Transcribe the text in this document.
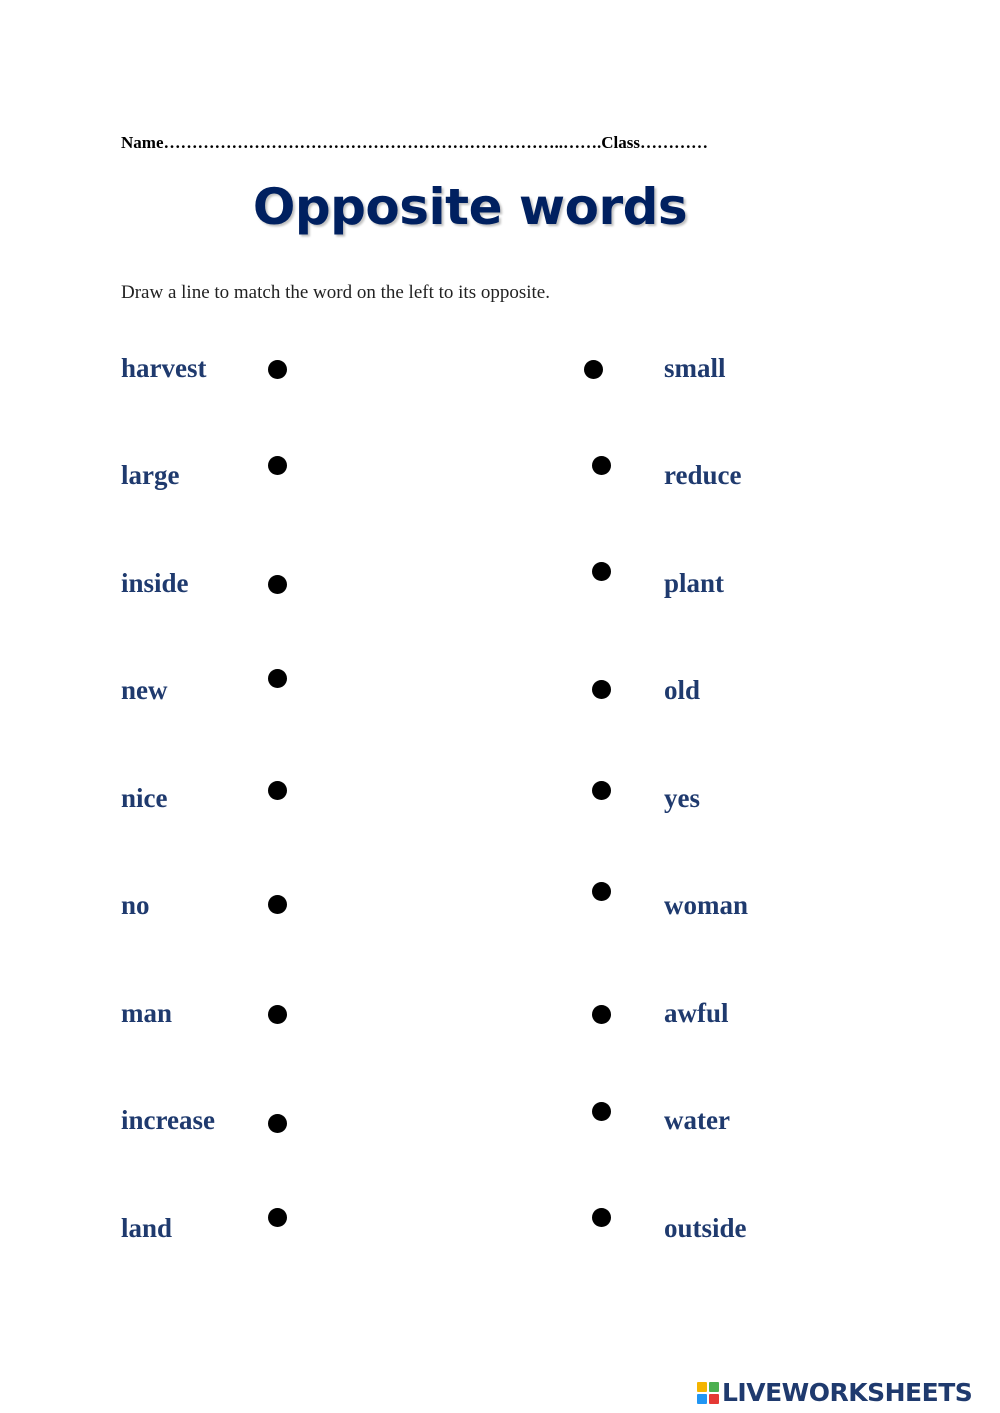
Name……………………………………………………………..…….Class…………
Opposite words
Draw a line to match the word on the left to its opposite.
harvest
large
inside
new
nice
no
man
increase
land
small
reduce
plant
old
yes
woman
awful
water
outside
LIVEWORKSHEETS
